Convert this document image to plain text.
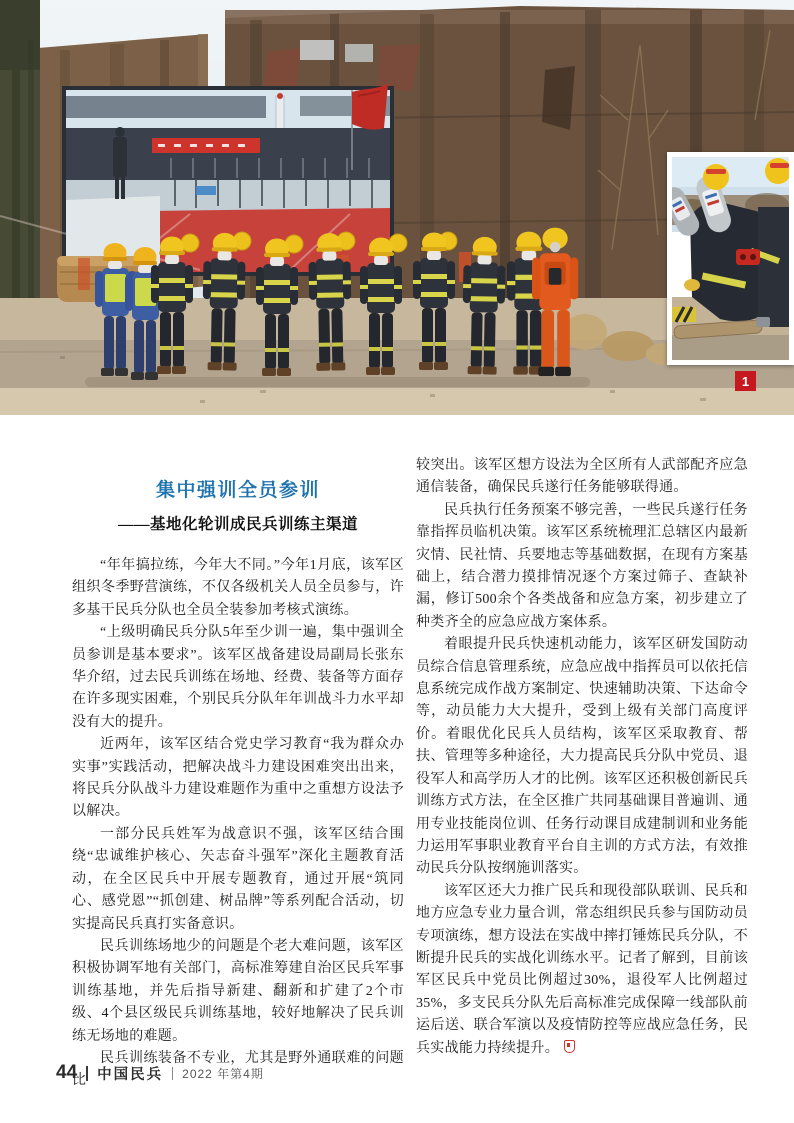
1
集中强训全员参训
——基地化轮训成民兵训练主渠道

“年年搞拉练，今年大不同。”今年1月底，该军区组织冬季野营演练，不仅各级机关人员全员参与，许多基干民兵分队也全员全装参加考核式演练。

“上级明确民兵分队5年至少训一遍，集中强训全员参训是基本要求”。该军区战备建设局副局长张东华介绍，过去民兵训练在场地、经费、装备等方面存在许多现实困难，个别民兵分队年年训战斗力水平却没有大的提升。

近两年，该军区结合党史学习教育“我为群众办实事”实践活动，把解决战斗力建设困难突出出来，将民兵分队战斗力建设难题作为重中之重想方设法予以解决。

一部分民兵姓军为战意识不强，该军区结合围绕“忠诚维护核心、矢志奋斗强军”深化主题教育活动，在全区民兵中开展专题教育，通过开展“筑同心、感党恩”“抓创建、树品牌”等系列配合活动，切实提高民兵真打实备意识。

民兵训练场地少的问题是个老大难问题，该军区积极协调军地有关部门，高标准筹建自治区民兵军事训练基地，并先后指导新建、翻新和扩建了2个市级、4个县区级民兵训练基地，较好地解决了民兵训练无场地的难题。

民兵训练装备不专业，尤其是野外通联难的问题比

较突出。该军区想方设法为全区所有人武部配齐应急通信装备，确保民兵遂行任务能够联得通。

民兵执行任务预案不够完善，一些民兵遂行任务靠指挥员临机决策。该军区系统梳理汇总辖区内最新灾情、民社情、兵要地志等基础数据，在现有方案基础上，结合潜力摸排情况逐个方案过筛子、查缺补漏，修订500余个各类战备和应急方案，初步建立了种类齐全的应急应战方案体系。

着眼提升民兵快速机动能力，该军区研发国防动员综合信息管理系统，应急应战中指挥员可以依托信息系统完成作战方案制定、快速辅助决策、下达命令等，动员能力大大提升，受到上级有关部门高度评价。着眼优化民兵人员结构，该军区采取教育、帮扶、管理等多种途径，大力提高民兵分队中党员、退役军人和高学历人才的比例。该军区还积极创新民兵训练方式方法，在全区推广共同基础课目普遍训、通用专业技能岗位训、任务行动课目成建制训和业务能力运用军事职业教育平台自主训的方式方法，有效推动民兵分队按纲施训落实。

该军区还大力推广民兵和现役部队联训、民兵和地方应急专业力量合训，常态组织民兵参与国防动员专项演练，想方设法在实战中摔打锤炼民兵分队，不断提升民兵的实战化训练水平。记者了解到，目前该军区民兵中党员比例超过30%，退役军人比例超过35%，多支民兵分队先后高标准完成保障一线部队前运后送、联合军演以及疫情防控等应战应急任务，民兵实战能力持续提升。

44 中国民兵 2022 年第4期
